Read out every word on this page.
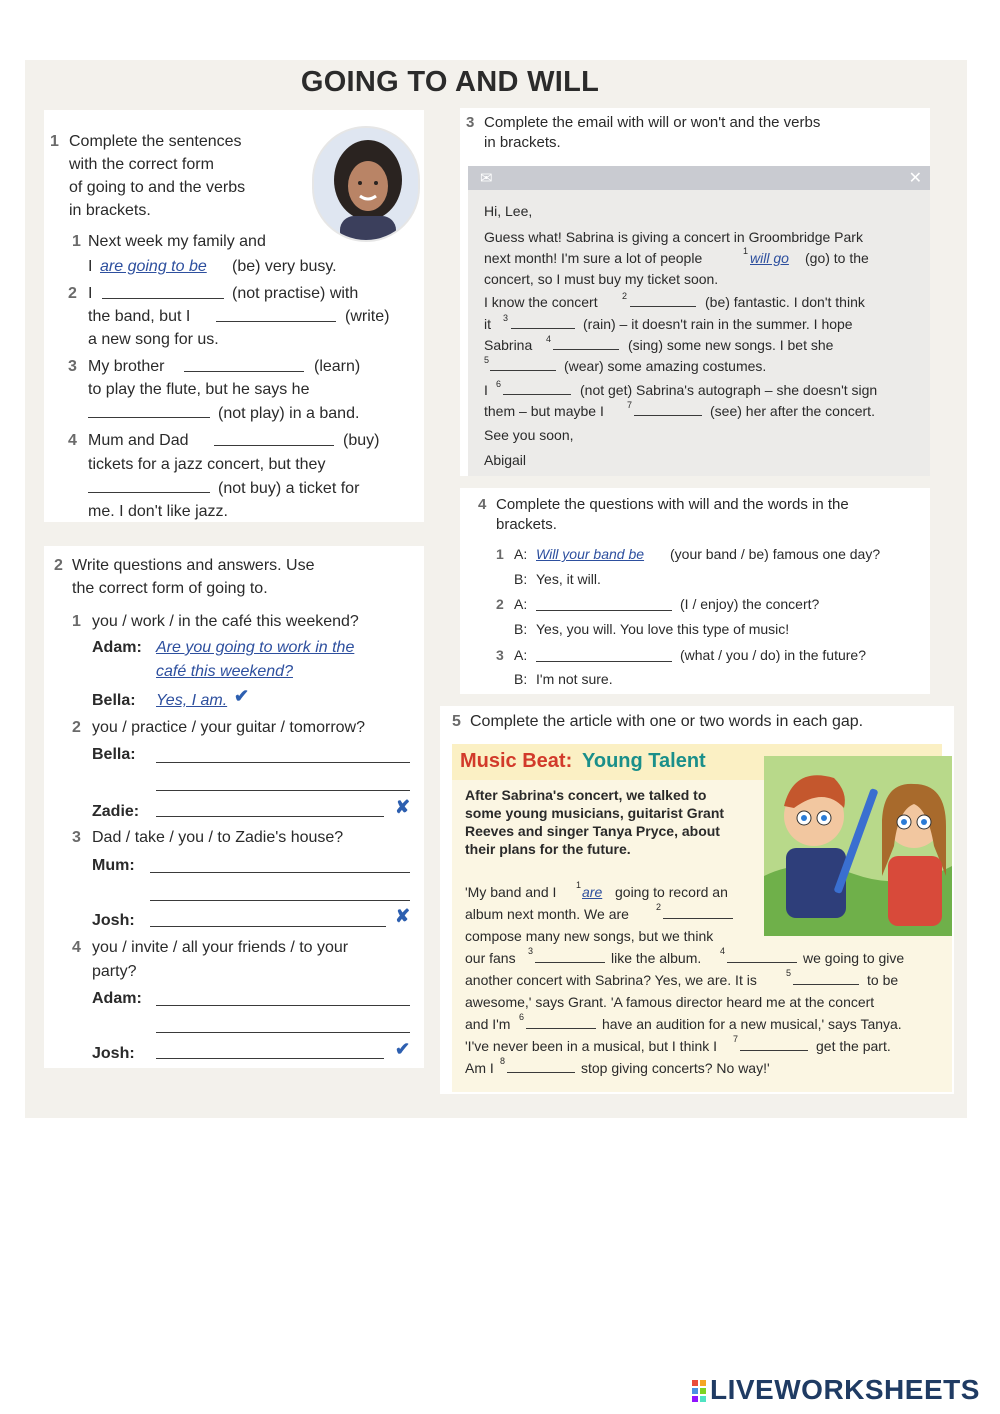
GOING TO AND WILL
1 Complete the sentences
with the correct form
of going to and the verbs
in brackets.
1 Next week my family and
I are going to be (be) very busy.
2 I	(not practise) with
the band, but I	(write)
a new song for us.
3 My brother	(learn)
to play the flute, but he says he
(not play) in a band.
4 Mum and Dad	(buy)
tickets for a jazz concert, but they
(not buy) a ticket for
me. I don't like jazz.
2 Write questions and answers. Use
the correct form of going to.
1 you / work / in the café this weekend?
Adam: Are you going to work in the
café this weekend?
Bella: Yes, I am. ✔
2 you / practice / your guitar / tomorrow?
Bella:
Zadie:	✘
3 Dad / take / you / to Zadie's house?
Mum:
Josh:	✘
4 you / invite / all your friends / to your
party?
Adam:
Josh:	✔
3 Complete the email with will or won't and the verbs
in brackets.
✉	✕
Hi, Lee,
Guess what! Sabrina is giving a concert in Groombridge Park
next month! I'm sure a lot of people	1 will go (go) to the
concert, so I must buy my ticket soon.
I know the concert	2	(be) fantastic. I don't think
it 3	(rain) – it doesn't rain in the summer. I hope
Sabrina 4	(sing) some new songs. I bet she
5	(wear) some amazing costumes.
I 6	(not get) Sabrina's autograph – she doesn't sign
them – but maybe I	7	(see) her after the concert.
See you soon,
Abigail
4 Complete the questions with will and the words in the
brackets.
1 A: Will your band be (your band / be) famous one day?
B: Yes, it will.
2 A:	(I / enjoy) the concert?
B: Yes, you will. You love this type of music!
3 A:	(what / you / do) in the future?
B: I'm not sure.
5 Complete the article with one or two words in each gap.
Music Beat: Young Talent
After Sabrina's concert, we talked to
some young musicians, guitarist Grant
Reeves and singer Tanya Pryce, about
their plans for the future.
'My band and I 1 are going to record an
album next month. We are	2
compose many new songs, but we think
our fans 3	like the album. 4	we going to give
another concert with Sabrina? Yes, we are. It is	5	to be
awesome,' says Grant. 'A famous director heard me at the concert
and I'm 6	have an audition for a new musical,' says Tanya.
'I've never been in a musical, but I think I 7	get the part.
Am I 8	stop giving concerts? No way!'
LIVEWORKSHEETS
